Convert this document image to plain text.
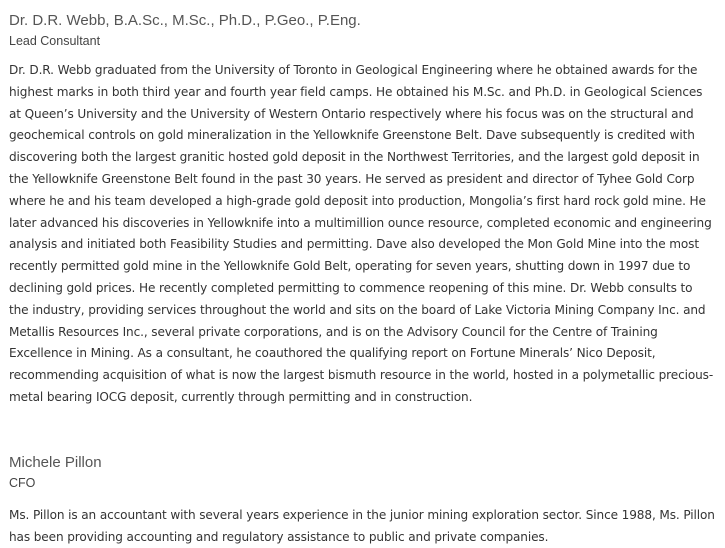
Dr. D.R. Webb, B.A.Sc., M.Sc., Ph.D., P.Geo., P.Eng.
Lead Consultant

Dr. D.R. Webb graduated from the University of Toronto in Geological Engineering where he obtained awards for the highest marks in both third year and fourth year field camps. He obtained his M.Sc. and Ph.D. in Geological Sciences at Queen’s University and the University of Western Ontario respectively where his focus was on the structural and geochemical controls on gold mineralization in the Yellowknife Greenstone Belt. Dave subsequently is credited with discovering both the largest granitic hosted gold deposit in the Northwest Territories, and the largest gold deposit in the Yellowknife Greenstone Belt found in the past 30 years. He served as president and director of Tyhee Gold Corp where he and his team developed a high-grade gold deposit into production, Mongolia’s first hard rock gold mine. He later advanced his discoveries in Yellowknife into a multimillion ounce resource, completed economic and engineering analysis and initiated both Feasibility Studies and permitting. Dave also developed the Mon Gold Mine into the most recently permitted gold mine in the Yellowknife Gold Belt, operating for seven years, shutting down in 1997 due to declining gold prices. He recently completed permitting to commence reopening of this mine. Dr. Webb consults to the industry, providing services throughout the world and sits on the board of Lake Victoria Mining Company Inc. and Metallis Resources Inc., several private corporations, and is on the Advisory Council for the Centre of Training Excellence in Mining. As a consultant, he coauthored the qualifying report on Fortune Minerals’ Nico Deposit, recommending acquisition of what is now the largest bismuth resource in the world, hosted in a polymetallic precious-metal bearing IOCG deposit, currently through permitting and in construction.

Michele Pillon
CFO

Ms. Pillon is an accountant with several years experience in the junior mining exploration sector. Since 1988, Ms. Pillon has been providing accounting and regulatory assistance to public and private companies.
